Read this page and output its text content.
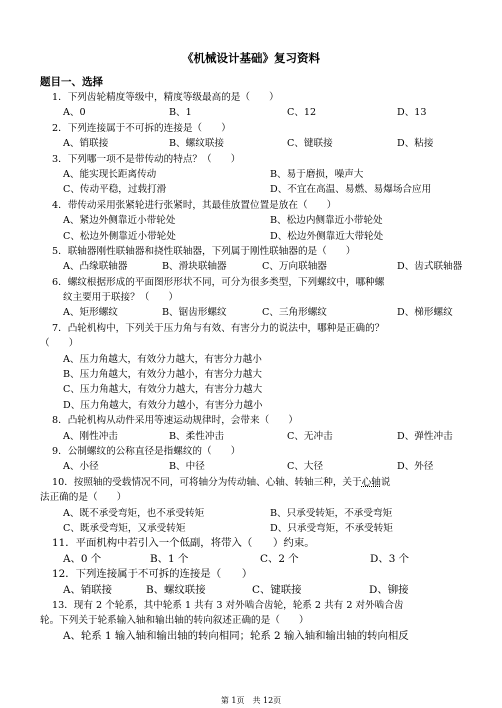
《机械设计基础》复习资料
题目一、选择
1．下列齿轮精度等级中，精度等级最高的是（　　）
A、0	B、1	C、12	D、13
2．下列连接属于不可拆的连接是（　　）
A、销联接	B、螺纹联接	C、键联接	D、粘接
3．下列哪一项不是带传动的特点？（　　）
A、能实现长距离传动	B、易于磨损，噪声大
C、传动平稳，过载打滑	D、不宜在高温、易燃、易爆场合应用
4．带传动采用张紧轮进行张紧时，其最佳放置位置是放在（　　）
A、紧边外侧靠近小带轮处	B、松边内侧靠近小带轮处
C、松边外侧靠近小带轮处	D、松边外侧靠近大带轮处
5．联轴器刚性联轴器和挠性联轴器，下列属于刚性联轴器的是（　　）
A、凸缘联轴器	B、滑块联轴器	C、万向联轴器	D、齿式联轴器
6．螺纹根据形成的平面图形形状不同，可分为很多类型，下列螺纹中，哪种螺
纹主要用于联接？（　　）
A、矩形螺纹	B、锯齿形螺纹	C、三角形螺纹	D、梯形螺纹
7．凸轮机构中，下列关于压力角与有效、有害分力的说法中，哪种是正确的？
（　　）
A、压力角越大，有效分力越大，有害分力越小
B、压力角越大，有效分力越小，有害分力越大
C、压力角越大，有效分力越大，有害分力越大
D、压力角越大，有效分力越小，有害分力越小
8．凸轮机构从动件采用等速运动规律时，会带来（　　）
A、刚性冲击	B、柔性冲击	C、无冲击	D、弹性冲击
9．公制螺纹的公称直径是指螺纹的（　　）
A、小径	B、中径	C、大径	D、外径
10．按照轴的受载情况不同，可将轴分为传动轴、心轴、转轴三种，关于心轴说
法正确的是（　　）
A、既不承受弯矩，也不承受转矩	B、只承受转矩，不承受弯矩
C、既承受弯矩，又承受转矩	D、只承受弯矩，不承受转矩
11．平面机构中若引入一个低副，将带入（　　）约束。
A、0 个	B、1 个	C、2 个	D、3 个
12．下列连接属于不可拆的连接是（　　）
A、销联接	B、螺纹联接	C、键联接	D、铆接
13．现有 2 个轮系，其中轮系 1 共有 3 对外啮合齿轮，轮系 2 共有 2 对外啮合齿
轮。下列关于轮系输入轴和输出轴的转向叙述正确的是（　　）
A、轮系 1 输入轴和输出轴的转向相同；轮系 2 输入轴和输出轴的转向相反
第 1页　共 12页
